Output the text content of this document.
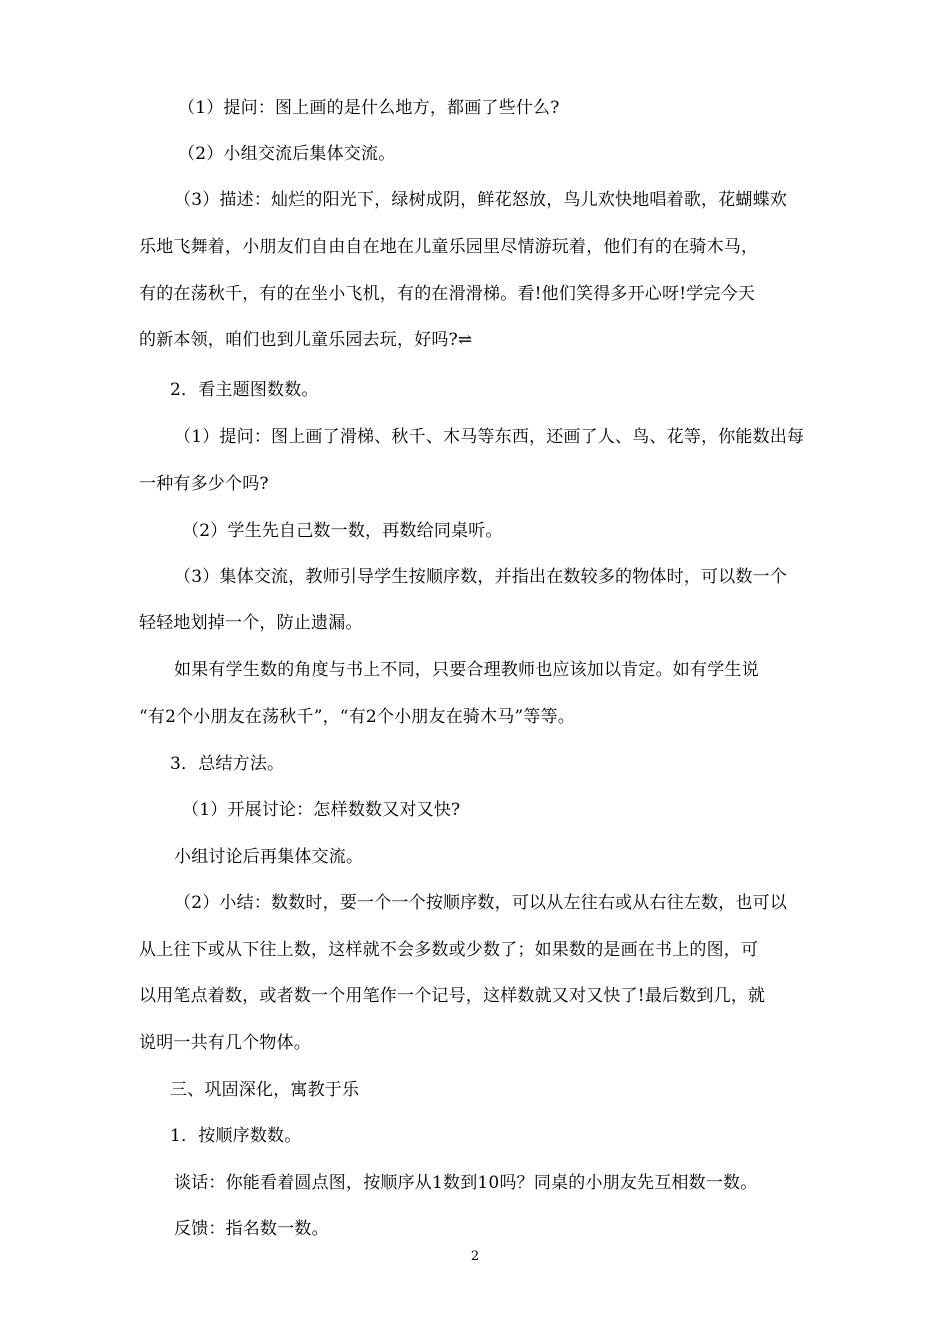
（1）提问：图上画的是什么地方，都画了些什么?
（2）小组交流后集体交流。
（3）描述：灿烂的阳光下，绿树成阴，鲜花怒放，鸟儿欢快地唱着歌，花蝴蝶欢
乐地飞舞着，小朋友们自由自在地在儿童乐园里尽情游玩着，他们有的在骑木马，
有的在荡秋千，有的在坐小飞机，有的在滑滑梯。看!他们笑得多开心呀!学完今天
的新本领，咱们也到儿童乐园去玩，好吗?⇌
2．看主题图数数。
（1）提问：图上画了滑梯、秋千、木马等东西，还画了人、鸟、花等，你能数出每
一种有多少个吗?
（2）学生先自己数一数，再数给同桌听。
（3）集体交流，教师引导学生按顺序数，并指出在数较多的物体时，可以数一个
轻轻地划掉一个，防止遗漏。
如果有学生数的角度与书上不同，只要合理教师也应该加以肯定。如有学生说
“有2个小朋友在荡秋千”，“有2个小朋友在骑木马”等等。
3．总结方法。
（1）开展讨论：怎样数数又对又快?
小组讨论后再集体交流。
（2）小结：数数时，要一个一个按顺序数，可以从左往右或从右往左数，也可以
从上往下或从下往上数，这样就不会多数或少数了；如果数的是画在书上的图，可
以用笔点着数，或者数一个用笔作一个记号，这样数就又对又快了!最后数到几，就
说明一共有几个物体。
三、巩固深化，寓教于乐
1．按顺序数数。
谈话：你能看着圆点图，按顺序从1数到10吗？同桌的小朋友先互相数一数。
反馈：指名数一数。
2
